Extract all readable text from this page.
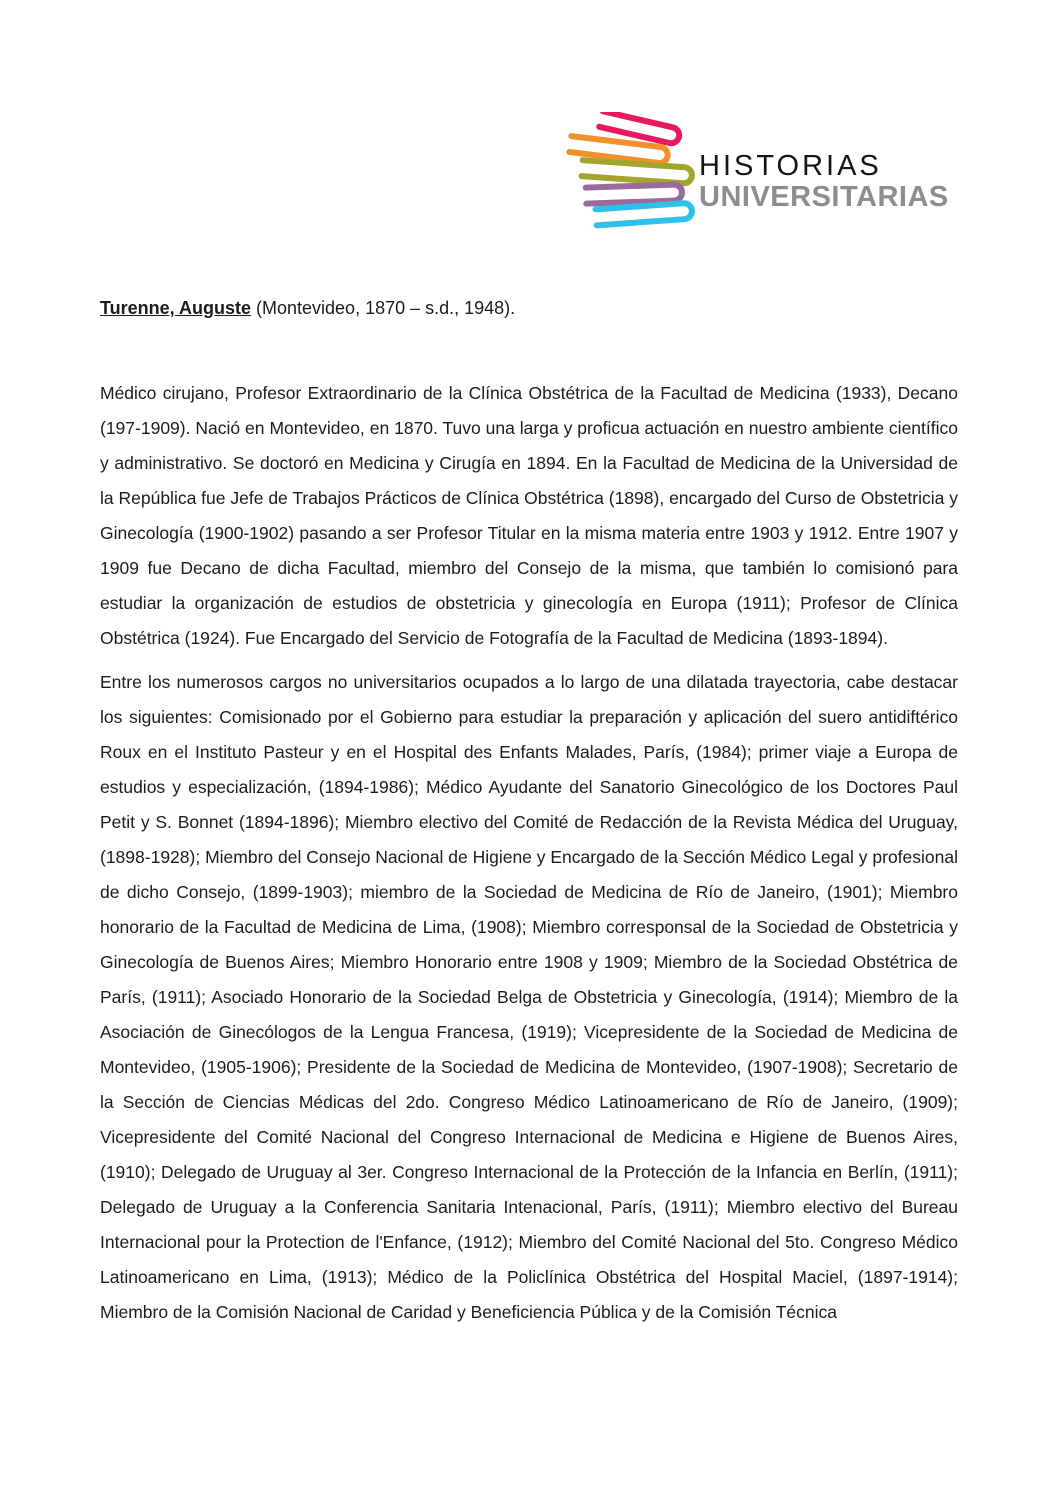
HISTORIAS
UNIVERSITARIAS
Turenne, Auguste (Montevideo, 1870 – s.d., 1948).

Médico cirujano, Profesor Extraordinario de la Clínica Obstétrica de la Facultad de Medicina (1933), Decano (197-1909). Nació en Montevideo, en 1870. Tuvo una larga y proficua actuación en nuestro ambiente científico y administrativo. Se doctoró en Medicina y Cirugía en 1894. En la Facultad de Medicina de la Universidad de la República fue Jefe de Trabajos Prácticos de Clínica Obstétrica (1898), encargado del Curso de Obstetricia y Ginecología (1900-1902) pasando a ser Profesor Titular en la misma materia entre 1903 y 1912. Entre 1907 y 1909 fue Decano de dicha Facultad, miembro del Consejo de la misma, que también lo comisionó para estudiar la organización de estudios de obstetricia y ginecología en Europa (1911); Profesor de Clínica Obstétrica (1924). Fue Encargado del Servicio de Fotografía de la Facultad de Medicina (1893-1894).

Entre los numerosos cargos no universitarios ocupados a lo largo de una dilatada trayectoria, cabe destacar los siguientes: Comisionado por el Gobierno para estudiar la preparación y aplicación del suero antidiftérico Roux en el Instituto Pasteur y en el Hospital des Enfants Malades, París, (1984); primer viaje a Europa de estudios y especialización, (1894-1986); Médico Ayudante del Sanatorio Ginecológico de los Doctores Paul Petit y S. Bonnet (1894-1896); Miembro electivo del Comité de Redacción de la Revista Médica del Uruguay, (1898-1928); Miembro del Consejo Nacional de Higiene y Encargado de la Sección Médico Legal y profesional de dicho Consejo, (1899-1903); miembro de la Sociedad de Medicina de Río de Janeiro, (1901); Miembro honorario de la Facultad de Medicina de Lima, (1908); Miembro corresponsal de la Sociedad de Obstetricia y Ginecología de Buenos Aires; Miembro Honorario entre 1908 y 1909; Miembro de la Sociedad Obstétrica de París, (1911); Asociado Honorario de la Sociedad Belga de Obstetricia y Ginecología, (1914); Miembro de la Asociación de Ginecólogos de la Lengua Francesa, (1919); Vicepresidente de la Sociedad de Medicina de Montevideo, (1905-1906); Presidente de la Sociedad de Medicina de Montevideo, (1907-1908); Secretario de la Sección de Ciencias Médicas del 2do. Congreso Médico Latinoamericano de Río de Janeiro, (1909); Vicepresidente del Comité Nacional del Congreso Internacional de Medicina e Higiene de Buenos Aires, (1910); Delegado de Uruguay al 3er. Congreso Internacional de la Protección de la Infancia en Berlín, (1911); Delegado de Uruguay a la Conferencia Sanitaria Intenacional, París, (1911); Miembro electivo del Bureau Internacional pour la Protection de l'Enfance, (1912); Miembro del Comité Nacional del 5to. Congreso Médico Latinoamericano en Lima, (1913); Médico de la Policlínica Obstétrica del Hospital Maciel, (1897-1914); Miembro de la Comisión Nacional de Caridad y Beneficiencia Pública y de la Comisión Técnica
